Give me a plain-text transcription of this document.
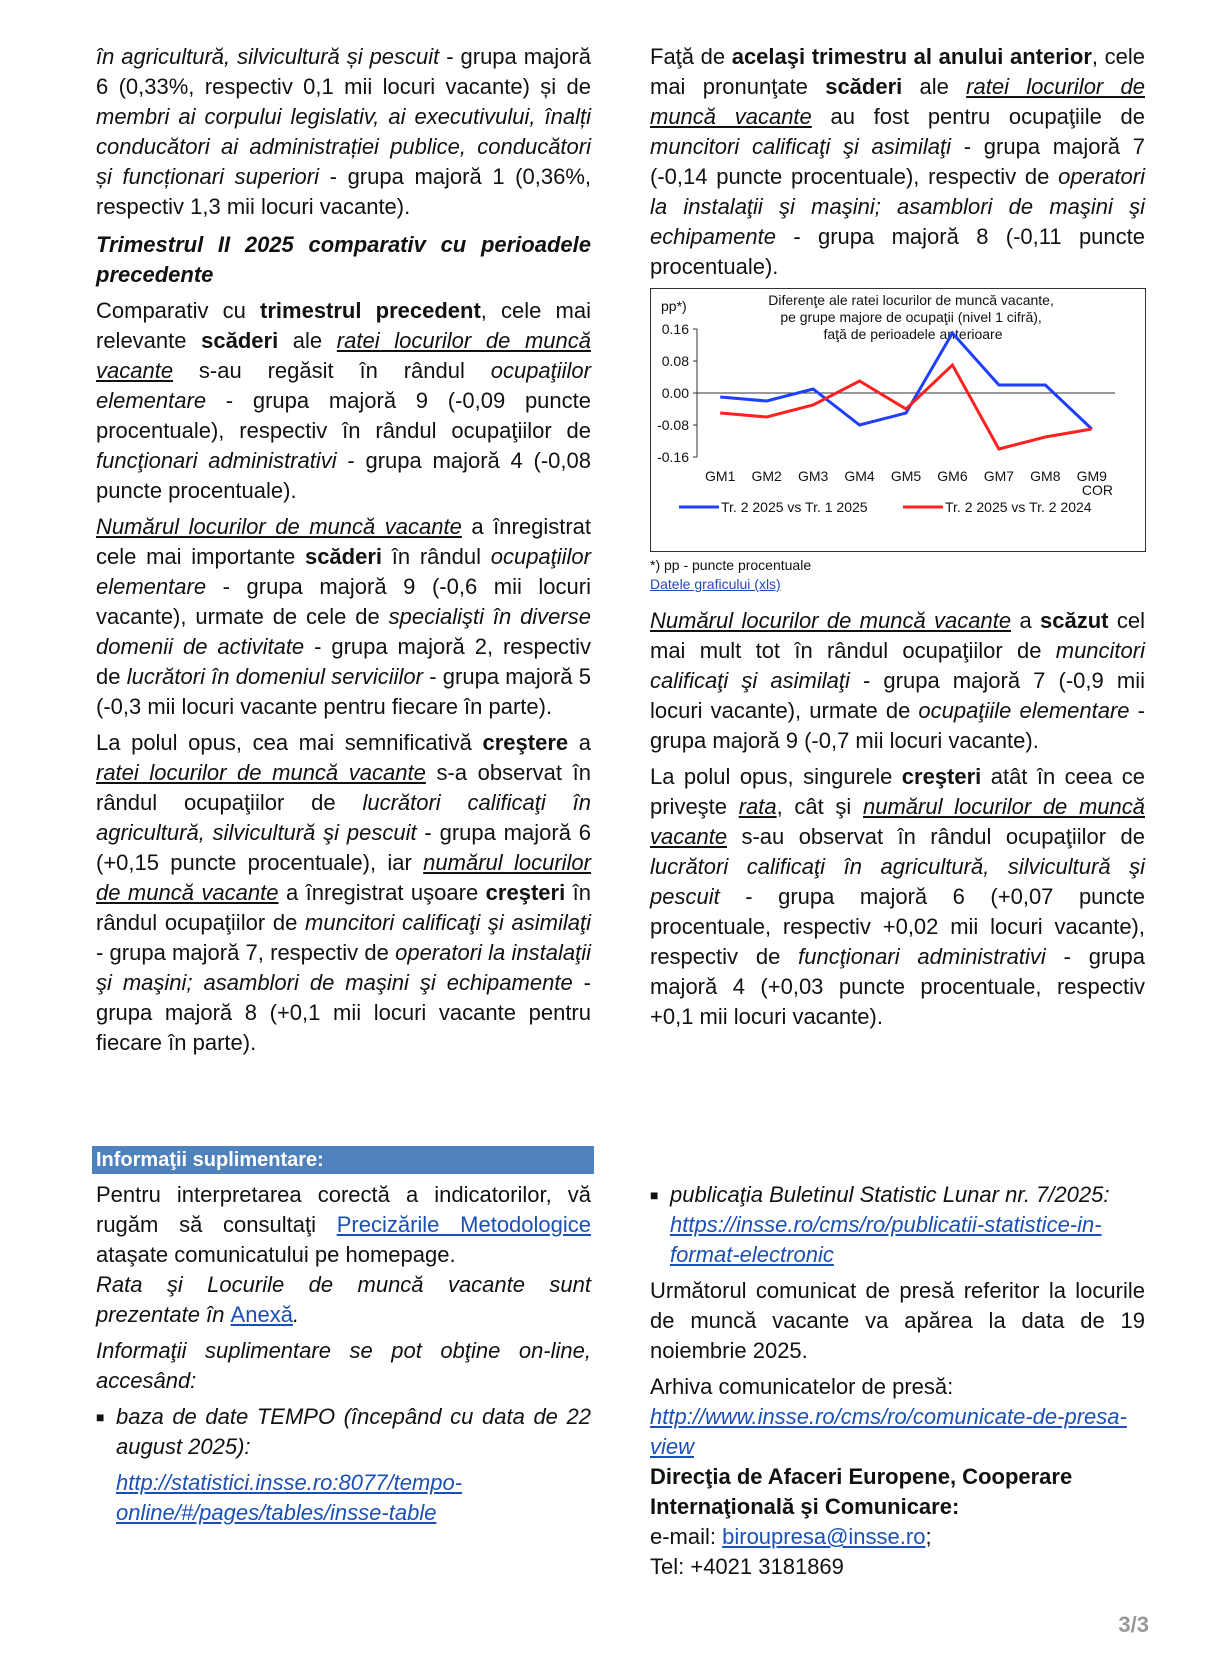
în agricultură, silvicultură și pescuit - grupa majoră 6 (0,33%, respectiv 0,1 mii locuri vacante) și de membri ai corpului legislativ, ai executivului, înalți conducători ai administrației publice, conducători și funcționari superiori - grupa majoră 1 (0,36%, respectiv 1,3 mii locuri vacante).

Trimestrul II 2025 comparativ cu perioadele precedente

Comparativ cu trimestrul precedent, cele mai relevante scăderi ale ratei locurilor de muncă vacante s-au regăsit în rândul ocupaţiilor elementare - grupa majoră 9 (-0,09 puncte procentuale), respectiv în rândul ocupaţiilor de funcţionari administrativi - grupa majoră 4 (-0,08 puncte procentuale).

Numărul locurilor de muncă vacante a înregistrat cele mai importante scăderi în rândul ocupaţiilor elementare - grupa majoră 9 (-0,6 mii locuri vacante), urmate de cele de specialişti în diverse domenii de activitate - grupa majoră 2, respectiv de lucrători în domeniul serviciilor - grupa majoră 5 (-0,3 mii locuri vacante pentru fiecare în parte).

La polul opus, cea mai semnificativă creştere a ratei locurilor de muncă vacante s-a observat în rândul ocupaţiilor de lucrători calificaţi în agricultură, silvicultură şi pescuit - grupa majoră 6 (+0,15 puncte procentuale), iar numărul locurilor de muncă vacante a înregistrat uşoare creşteri în rândul ocupaţiilor de muncitori calificaţi şi asimilaţi - grupa majoră 7, respectiv de operatori la instalaţii şi maşini; asamblori de maşini şi echipamente - grupa majoră 8 (+0,1 mii locuri vacante pentru fiecare în parte).

Faţă de acelaşi trimestru al anului anterior, cele mai pronunţate scăderi ale ratei locurilor de muncă vacante au fost pentru ocupaţiile de muncitori calificaţi şi asimilaţi - grupa majoră 7 (-0,14 puncte procentuale), respectiv de operatori la instalaţii şi maşini; asamblori de maşini şi echipamente - grupa majoră 8 (-0,11 puncte procentuale).

Diferenţe ale ratei locurilor de muncă vacante, pe grupe majore de ocupaţii (nivel 1 cifră), faţă de perioadele anterioare
pp*)
COR
0.16
0.08
0.00
-0.08
-0.16
GM1 GM2 GM3 GM4 GM5 GM6 GM7 GM8 GM9
Tr. 2 2025 vs Tr. 1 2025	Tr. 2 2025 vs Tr. 2 2024
*) pp - puncte procentuale
Datele graficului (xls)

Numărul locurilor de muncă vacante a scăzut cel mai mult tot în rândul ocupaţiilor de muncitori calificaţi şi asimilaţi - grupa majoră 7 (-0,9 mii locuri vacante), urmate de ocupaţiile elementare - grupa majoră 9 (-0,7 mii locuri vacante).

La polul opus, singurele creşteri atât în ceea ce priveşte rata, cât şi numărul locurilor de muncă vacante s-au observat în rândul ocupaţiilor de lucrători calificaţi în agricultură, silvicultură şi pescuit - grupa majoră 6 (+0,07 puncte procentuale, respectiv +0,02 mii locuri vacante), respectiv de funcţionari administrativi - grupa majoră 4 (+0,03 puncte procentuale, respectiv +0,1 mii locuri vacante).

Informaţii suplimentare:

Pentru interpretarea corectă a indicatorilor, vă rugăm să consultaţi Precizările Metodologice ataşate comunicatului pe homepage.

Rata şi Locurile de muncă vacante sunt prezentate în Anexă.

Informaţii suplimentare se pot obţine on-line, accesând:

■ baza de date TEMPO (începând cu data de 22 august 2025):
http://statistici.insse.ro:8077/tempo-online/#/pages/tables/insse-table
■ publicaţia Buletinul Statistic Lunar nr. 7/2025:
https://insse.ro/cms/ro/publicatii-statistice-in-format-electronic

Următorul comunicat de presă referitor la locurile de muncă vacante va apărea la data de 19 noiembrie 2025.

Arhiva comunicatelor de presă:
http://www.insse.ro/cms/ro/comunicate-de-presa-view
Direcţia de Afaceri Europene, Cooperare Internaţională şi Comunicare:
e-mail: biroupresa@insse.ro;
Tel: +4021 3181869
3/3
